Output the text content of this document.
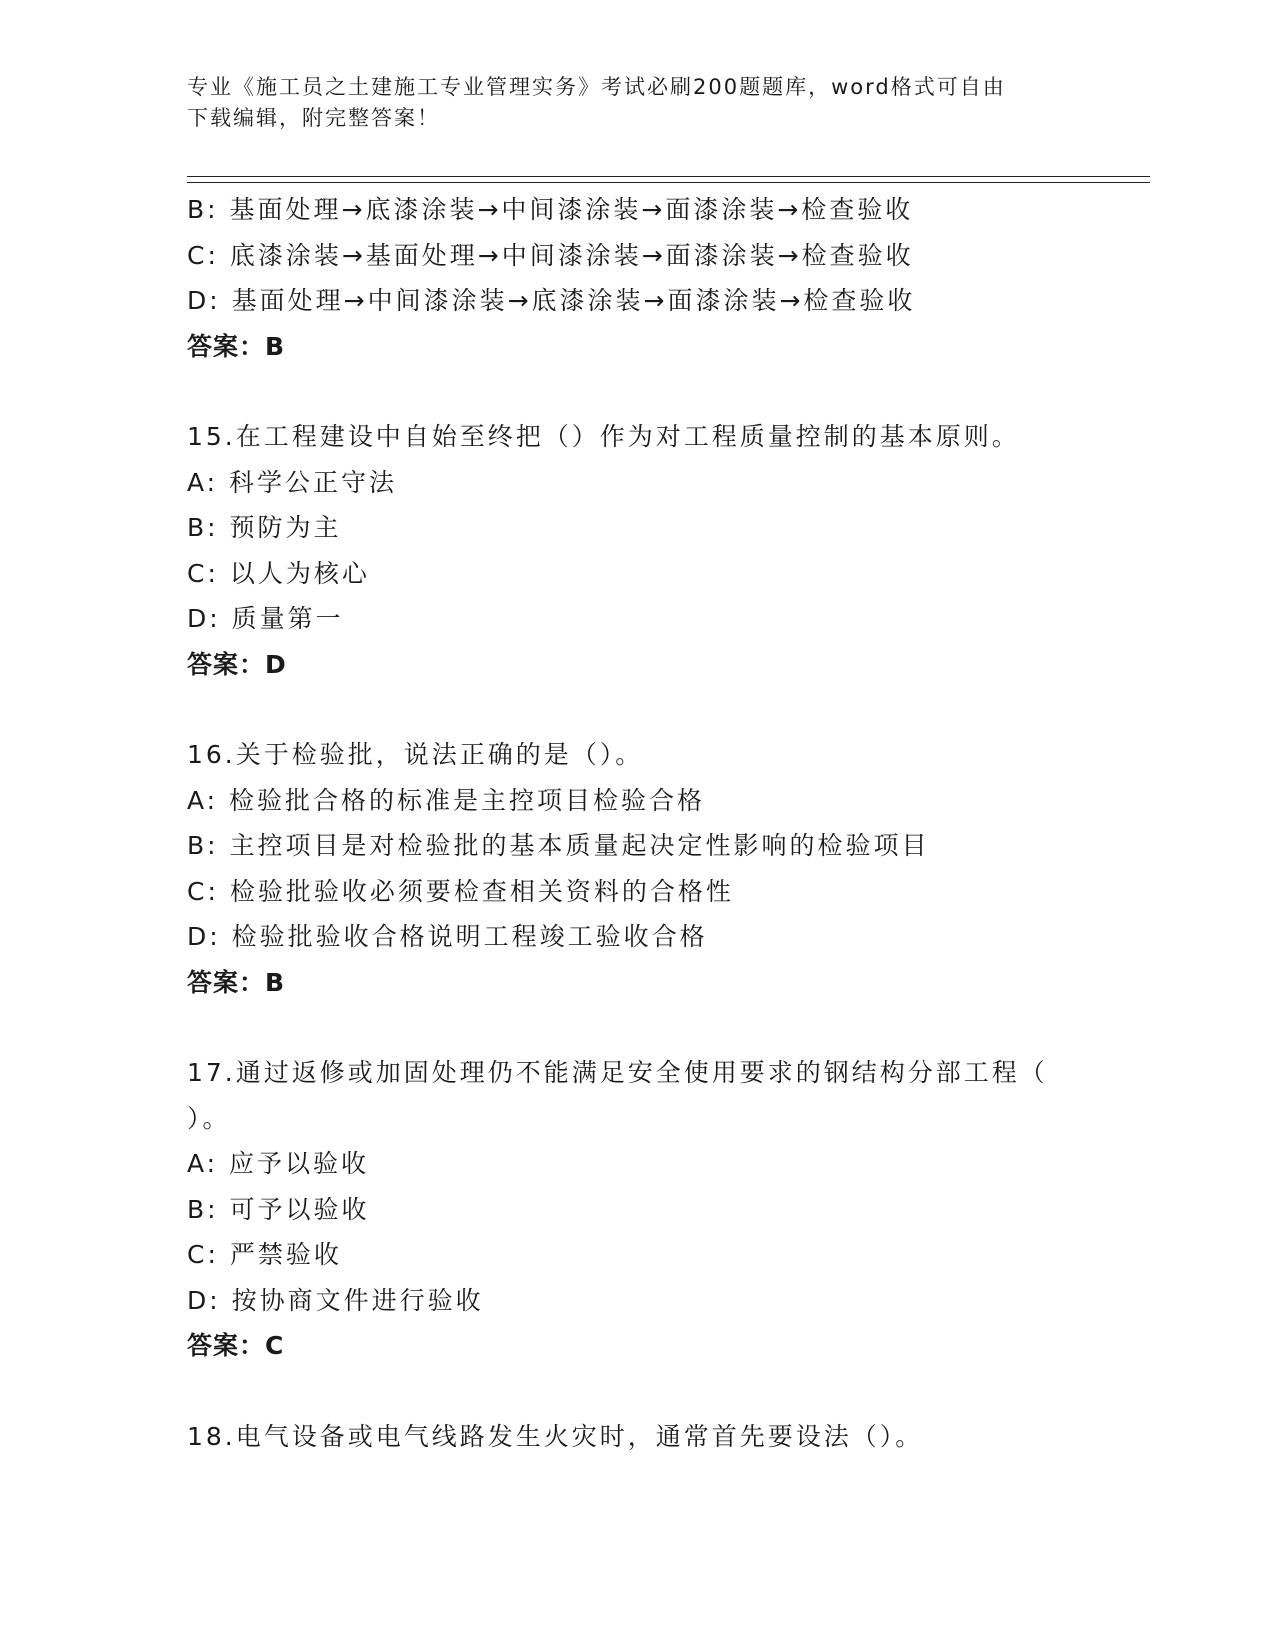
专业《施工员之土建施工专业管理实务》考试必刷200题题库，word格式可自由
下载编辑，附完整答案！
B: 基面处理→底漆涂装→中间漆涂装→面漆涂装→检查验收
C: 底漆涂装→基面处理→中间漆涂装→面漆涂装→检查验收
D: 基面处理→中间漆涂装→底漆涂装→面漆涂装→检查验收
答案：B
15.在工程建设中自始至终把（）作为对工程质量控制的基本原则。
A: 科学公正守法
B: 预防为主
C: 以人为核心
D: 质量第一
答案：D
16.关于检验批，说法正确的是（）。
A: 检验批合格的标准是主控项目检验合格
B: 主控项目是对检验批的基本质量起决定性影响的检验项目
C: 检验批验收必须要检查相关资料的合格性
D: 检验批验收合格说明工程竣工验收合格
答案：B
17.通过返修或加固处理仍不能满足安全使用要求的钢结构分部工程（
）。
A: 应予以验收
B: 可予以验收
C: 严禁验收
D: 按协商文件进行验收
答案：C
18.电气设备或电气线路发生火灾时，通常首先要设法（）。
